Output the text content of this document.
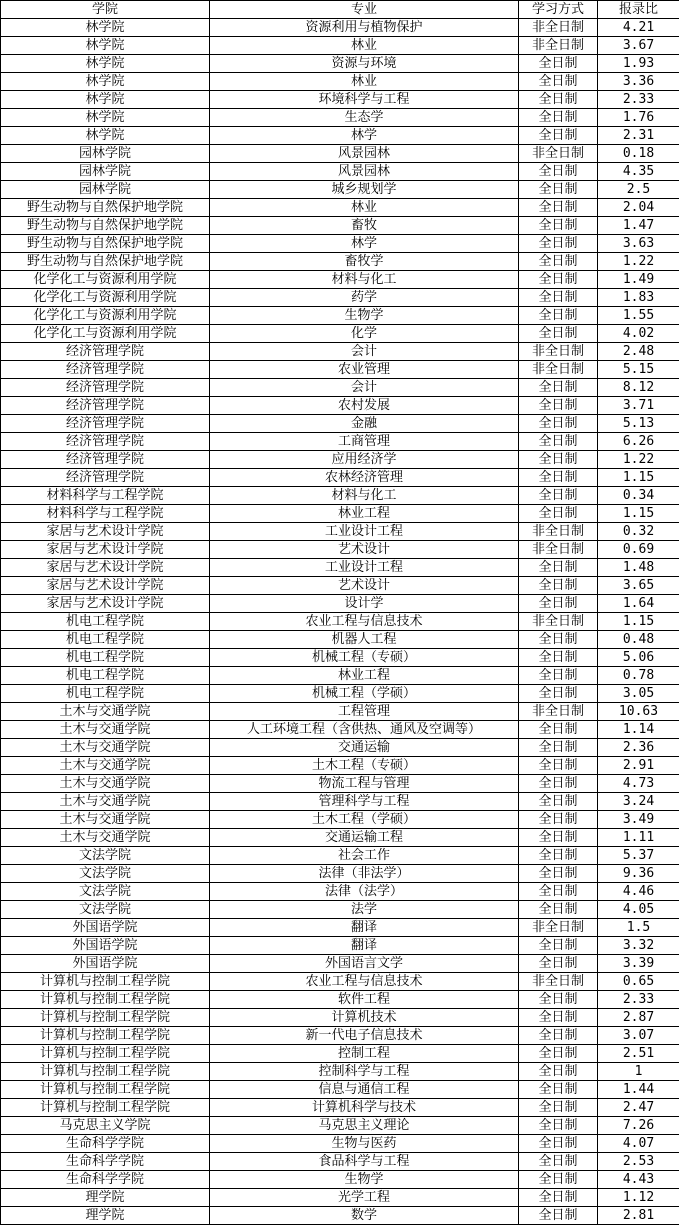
学院	专业	学习方式	报录比
林学院	资源利用与植物保护	非全日制	4.21
林学院	林业	非全日制	3.67
林学院	资源与环境	全日制	1.93
林学院	林业	全日制	3.36
林学院	环境科学与工程	全日制	2.33
林学院	生态学	全日制	1.76
林学院	林学	全日制	2.31
园林学院	风景园林	非全日制	0.18
园林学院	风景园林	全日制	4.35
园林学院	城乡规划学	全日制	2.5
野生动物与自然保护地学院	林业	全日制	2.04
野生动物与自然保护地学院	畜牧	全日制	1.47
野生动物与自然保护地学院	林学	全日制	3.63
野生动物与自然保护地学院	畜牧学	全日制	1.22
化学化工与资源利用学院	材料与化工	全日制	1.49
化学化工与资源利用学院	药学	全日制	1.83
化学化工与资源利用学院	生物学	全日制	1.55
化学化工与资源利用学院	化学	全日制	4.02
经济管理学院	会计	非全日制	2.48
经济管理学院	农业管理	非全日制	5.15
经济管理学院	会计	全日制	8.12
经济管理学院	农村发展	全日制	3.71
经济管理学院	金融	全日制	5.13
经济管理学院	工商管理	全日制	6.26
经济管理学院	应用经济学	全日制	1.22
经济管理学院	农林经济管理	全日制	1.15
材料科学与工程学院	材料与化工	全日制	0.34
材料科学与工程学院	林业工程	全日制	1.15
家居与艺术设计学院	工业设计工程	非全日制	0.32
家居与艺术设计学院	艺术设计	非全日制	0.69
家居与艺术设计学院	工业设计工程	全日制	1.48
家居与艺术设计学院	艺术设计	全日制	3.65
家居与艺术设计学院	设计学	全日制	1.64
机电工程学院	农业工程与信息技术	非全日制	1.15
机电工程学院	机器人工程	全日制	0.48
机电工程学院	机械工程（专硕）	全日制	5.06
机电工程学院	林业工程	全日制	0.78
机电工程学院	机械工程（学硕）	全日制	3.05
土木与交通学院	工程管理	非全日制	10.63
土木与交通学院	人工环境工程（含供热、通风及空调等）	全日制	1.14
土木与交通学院	交通运输	全日制	2.36
土木与交通学院	土木工程（专硕）	全日制	2.91
土木与交通学院	物流工程与管理	全日制	4.73
土木与交通学院	管理科学与工程	全日制	3.24
土木与交通学院	土木工程（学硕）	全日制	3.49
土木与交通学院	交通运输工程	全日制	1.11
文法学院	社会工作	全日制	5.37
文法学院	法律（非法学）	全日制	9.36
文法学院	法律（法学）	全日制	4.46
文法学院	法学	全日制	4.05
外国语学院	翻译	非全日制	1.5
外国语学院	翻译	全日制	3.32
外国语学院	外国语言文学	全日制	3.39
计算机与控制工程学院	农业工程与信息技术	非全日制	0.65
计算机与控制工程学院	软件工程	全日制	2.33
计算机与控制工程学院	计算机技术	全日制	2.87
计算机与控制工程学院	新一代电子信息技术	全日制	3.07
计算机与控制工程学院	控制工程	全日制	2.51
计算机与控制工程学院	控制科学与工程	全日制	1
计算机与控制工程学院	信息与通信工程	全日制	1.44
计算机与控制工程学院	计算机科学与技术	全日制	2.47
马克思主义学院	马克思主义理论	全日制	7.26
生命科学学院	生物与医药	全日制	4.07
生命科学学院	食品科学与工程	全日制	2.53
生命科学学院	生物学	全日制	4.43
理学院	光学工程	全日制	1.12
理学院	数学	全日制	2.81
